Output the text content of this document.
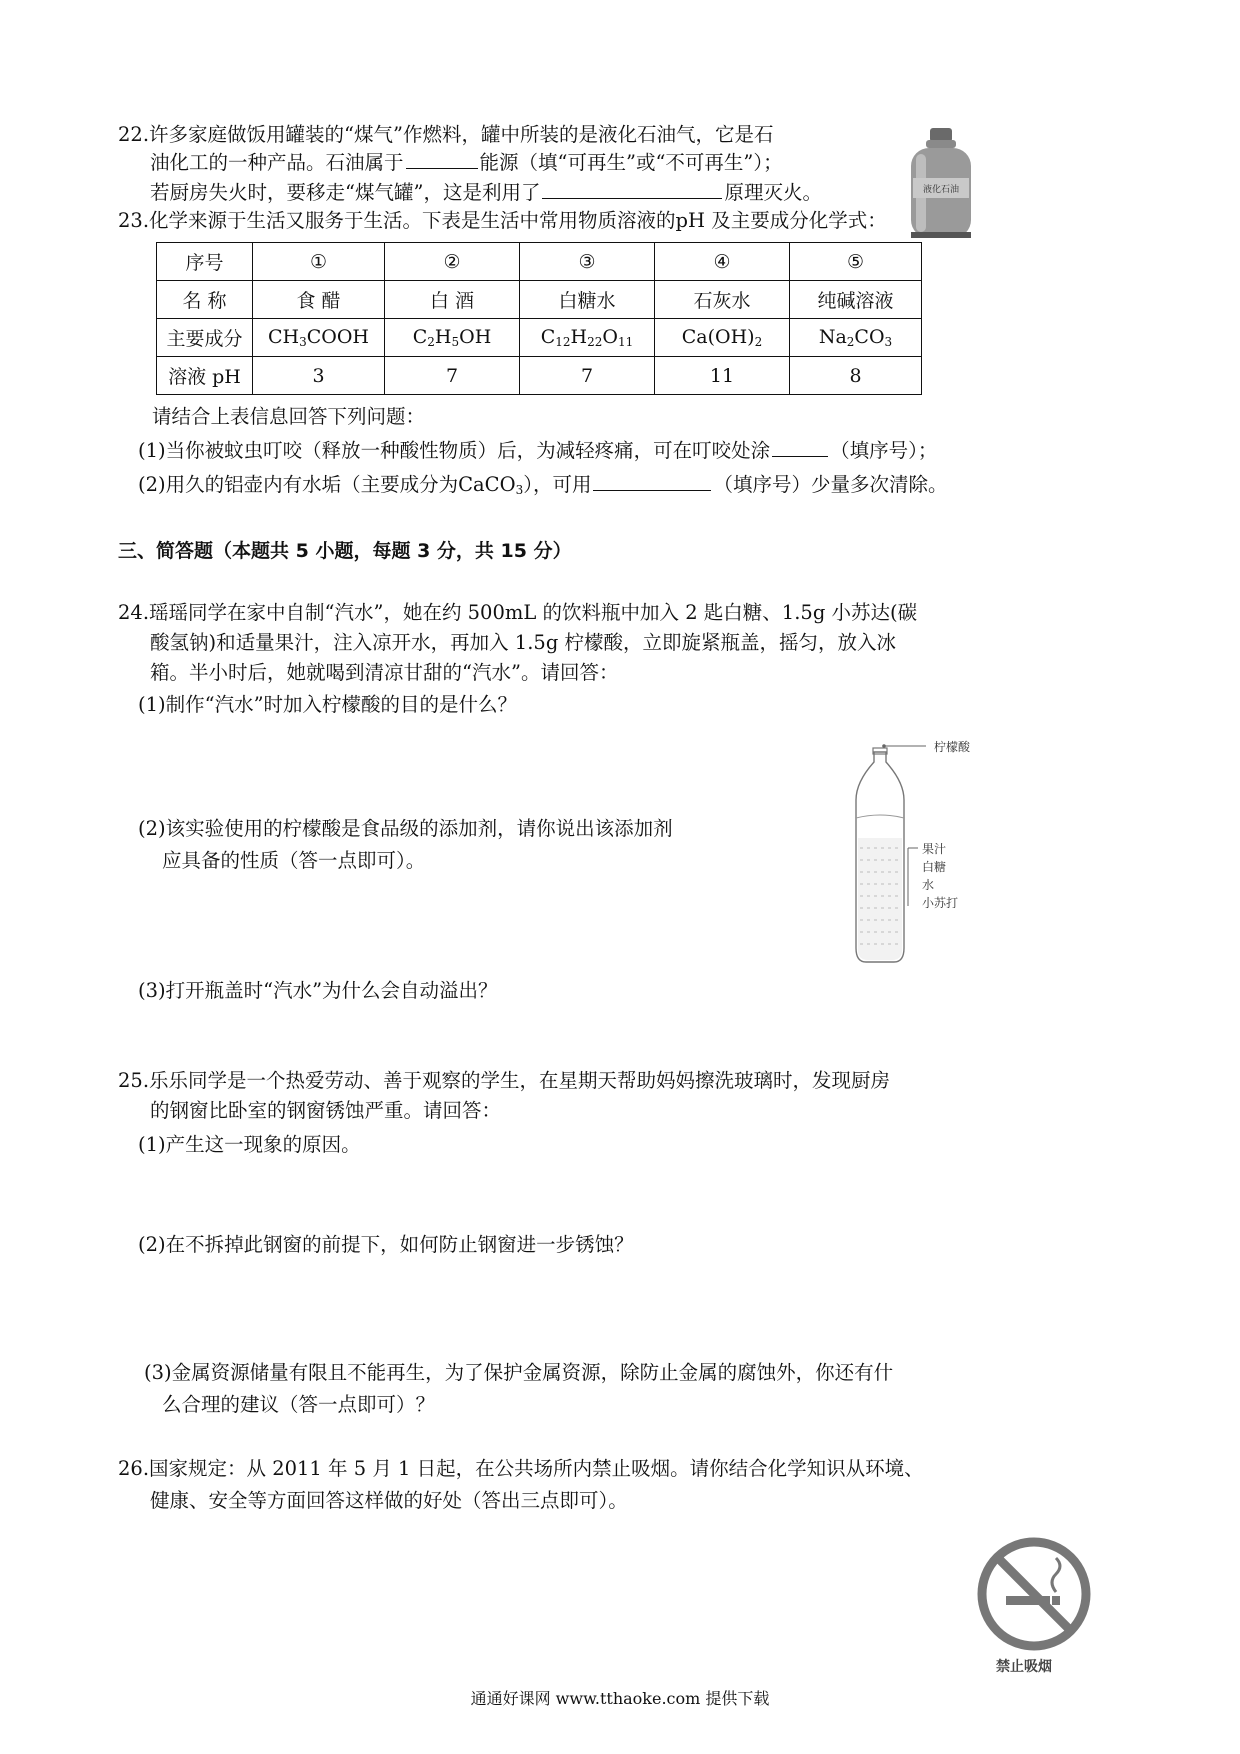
22.许多家庭做饭用罐装的“煤气”作燃料，罐中所装的是液化石油气，它是石
油化工的一种产品。石油属于	能源（填“可再生”或“不可再生”）；
若厨房失火时，要移走“煤气罐”，这是利用了	原理灭火。	液化石油
23.化学来源于生活又服务于生活。下表是生活中常用物质溶液的pH 及主要成分化学式：
序号	①	②	③	④	⑤
名 称	食 醋	白 酒	白糖水	石灰水	纯碱溶液
主要成分	$CH_3COOH$	$C_2H_5OH$	$C_{12}H_{22}O_{11}$	$Ca(OH)_2$	$Na_2CO_3$
溶液 pH	3	7	7	11	8
请结合上表信息回答下列问题：
(1)当你被蚊虫叮咬（释放一种酸性物质）后，为减轻疼痛，可在叮咬处涂	（填序号）；
(2)用久的铝壶内有水垢（主要成分为CaCO$_3$），可用	（填序号）少量多次清除。
三、简答题（本题共 5 小题，每题 3 分，共 15 分）
24.瑶瑶同学在家中自制“汽水”，她在约 500mL 的饮料瓶中加入 2 匙白糖、1.5g 小苏达(碳
酸氢钠)和适量果汁，注入凉开水，再加入 1.5g 柠檬酸，立即旋紧瓶盖，摇匀，放入冰
箱。半小时后，她就喝到清凉甘甜的“汽水”。请回答：
(1)制作“汽水”时加入柠檬酸的目的是什么？
(2)该实验使用的柠檬酸是食品级的添加剂，请你说出该添加剂
应具备的性质（答一点即可）。
(3)打开瓶盖时“汽水”为什么会自动溢出？
柠檬酸
果汁
白糖
水
小苏打
25.乐乐同学是一个热爱劳动、善于观察的学生，在星期天帮助妈妈擦洗玻璃时，发现厨房
的钢窗比卧室的钢窗锈蚀严重。请回答：
(1)产生这一现象的原因。
(2)在不拆掉此钢窗的前提下，如何防止钢窗进一步锈蚀？
(3)金属资源储量有限且不能再生，为了保护金属资源，除防止金属的腐蚀外，你还有什
么合理的建议（答一点即可）？
26.国家规定：从 2011 年 5 月 1 日起，在公共场所内禁止吸烟。请你结合化学知识从环境、
健康、安全等方面回答这样做的好处（答出三点即可）。
禁止吸烟
通通好课网 www.tthaoke.com 提供下载
